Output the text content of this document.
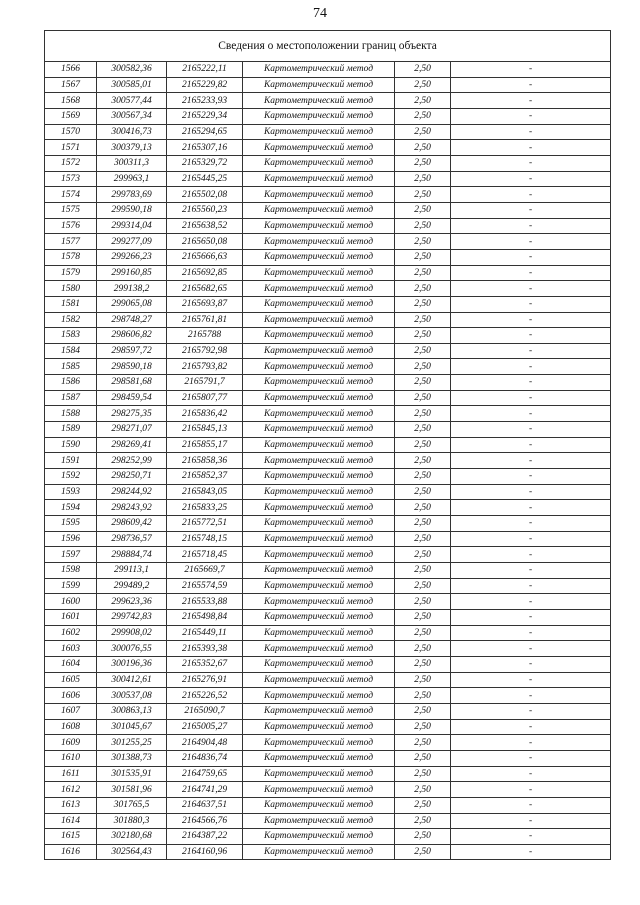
74
Сведения о местоположении границ объекта					
1566	300582,36	2165222,11	Картометрический метод	2,50	-
1567	300585,01	2165229,82	Картометрический метод	2,50	-
1568	300577,44	2165233,93	Картометрический метод	2,50	-
1569	300567,34	2165229,34	Картометрический метод	2,50	-
1570	300416,73	2165294,65	Картометрический метод	2,50	-
1571	300379,13	2165307,16	Картометрический метод	2,50	-
1572	300311,3	2165329,72	Картометрический метод	2,50	-
1573	299963,1	2165445,25	Картометрический метод	2,50	-
1574	299783,69	2165502,08	Картометрический метод	2,50	-
1575	299590,18	2165560,23	Картометрический метод	2,50	-
1576	299314,04	2165638,52	Картометрический метод	2,50	-
1577	299277,09	2165650,08	Картометрический метод	2,50	-
1578	299266,23	2165666,63	Картометрический метод	2,50	-
1579	299160,85	2165692,85	Картометрический метод	2,50	-
1580	299138,2	2165682,65	Картометрический метод	2,50	-
1581	299065,08	2165693,87	Картометрический метод	2,50	-
1582	298748,27	2165761,81	Картометрический метод	2,50	-
1583	298606,82	2165788	Картометрический метод	2,50	-
1584	298597,72	2165792,98	Картометрический метод	2,50	-
1585	298590,18	2165793,82	Картометрический метод	2,50	-
1586	298581,68	2165791,7	Картометрический метод	2,50	-
1587	298459,54	2165807,77	Картометрический метод	2,50	-
1588	298275,35	2165836,42	Картометрический метод	2,50	-
1589	298271,07	2165845,13	Картометрический метод	2,50	-
1590	298269,41	2165855,17	Картометрический метод	2,50	-
1591	298252,99	2165858,36	Картометрический метод	2,50	-
1592	298250,71	2165852,37	Картометрический метод	2,50	-
1593	298244,92	2165843,05	Картометрический метод	2,50	-
1594	298243,92	2165833,25	Картометрический метод	2,50	-
1595	298609,42	2165772,51	Картометрический метод	2,50	-
1596	298736,57	2165748,15	Картометрический метод	2,50	-
1597	298884,74	2165718,45	Картометрический метод	2,50	-
1598	299113,1	2165669,7	Картометрический метод	2,50	-
1599	299489,2	2165574,59	Картометрический метод	2,50	-
1600	299623,36	2165533,88	Картометрический метод	2,50	-
1601	299742,83	2165498,84	Картометрический метод	2,50	-
1602	299908,02	2165449,11	Картометрический метод	2,50	-
1603	300076,55	2165393,38	Картометрический метод	2,50	-
1604	300196,36	2165352,67	Картометрический метод	2,50	-
1605	300412,61	2165276,91	Картометрический метод	2,50	-
1606	300537,08	2165226,52	Картометрический метод	2,50	-
1607	300863,13	2165090,7	Картометрический метод	2,50	-
1608	301045,67	2165005,27	Картометрический метод	2,50	-
1609	301255,25	2164904,48	Картометрический метод	2,50	-
1610	301388,73	2164836,74	Картометрический метод	2,50	-
1611	301535,91	2164759,65	Картометрический метод	2,50	-
1612	301581,96	2164741,29	Картометрический метод	2,50	-
1613	301765,5	2164637,51	Картометрический метод	2,50	-
1614	301880,3	2164566,76	Картометрический метод	2,50	-
1615	302180,68	2164387,22	Картометрический метод	2,50	-
1616	302564,43	2164160,96	Картометрический метод	2,50	-
